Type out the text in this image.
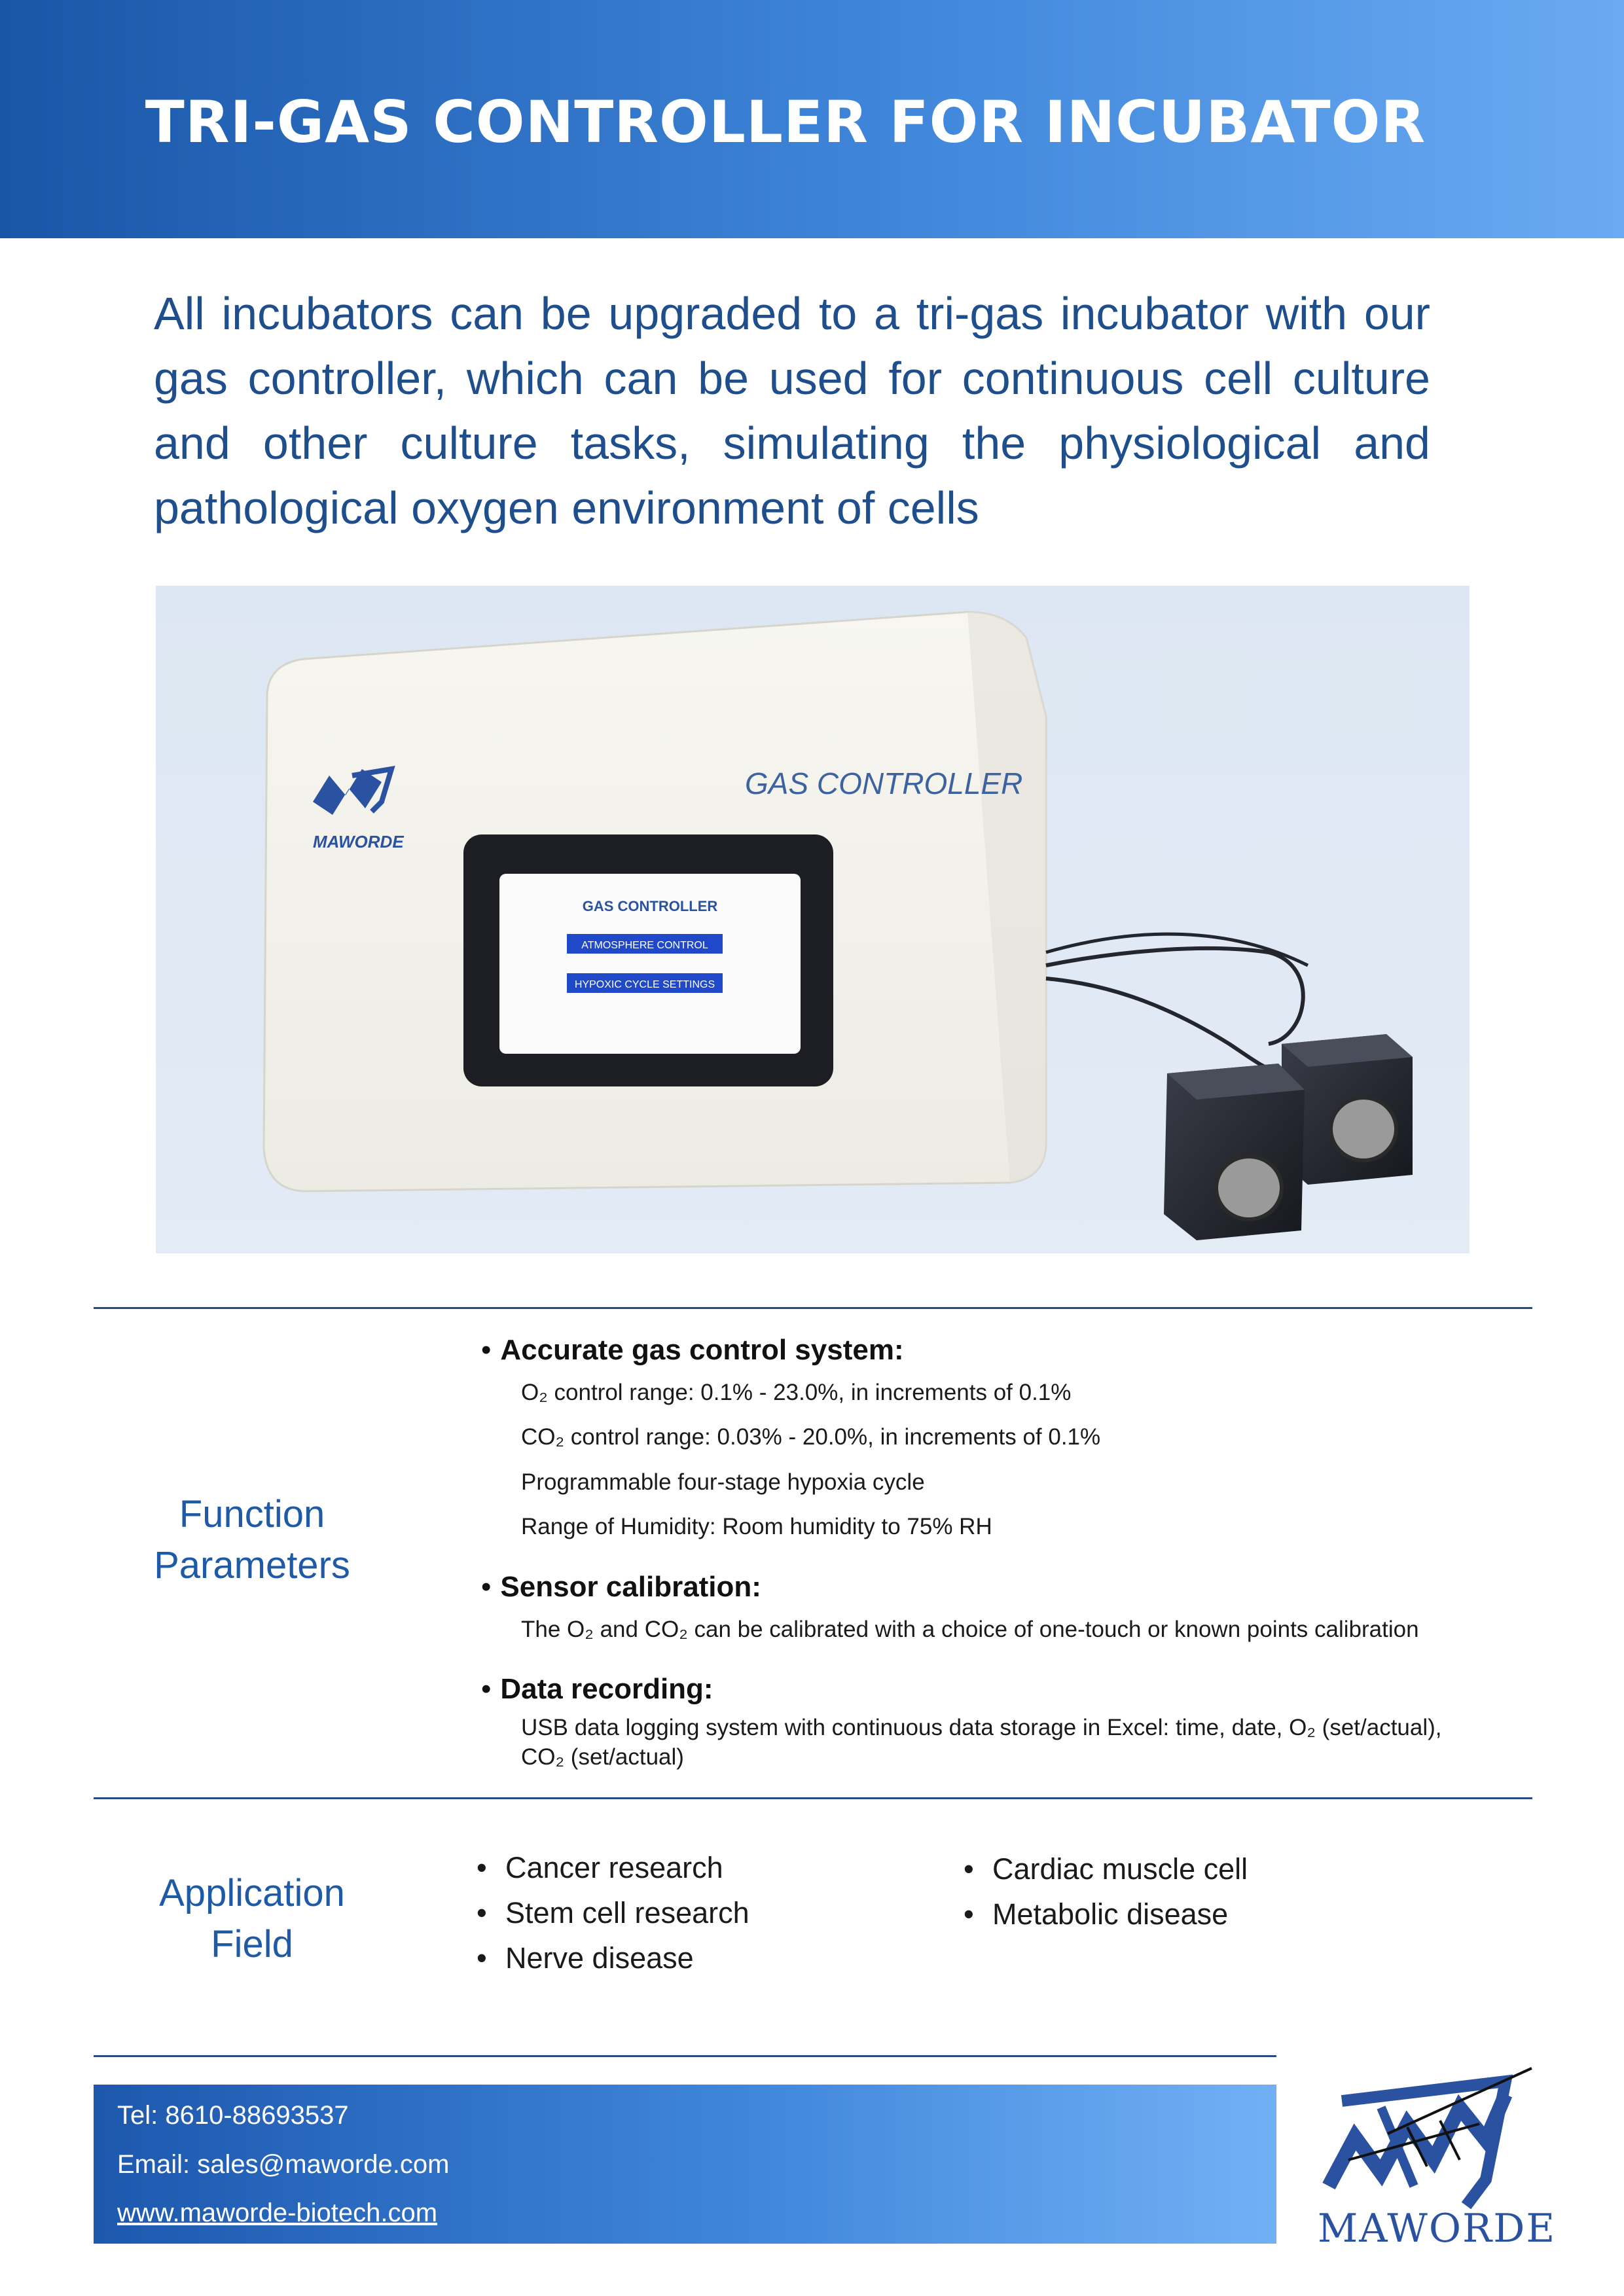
TRI-GAS CONTROLLER FOR INCUBATOR

All incubators can be upgraded to a tri-gas incubator with our gas controller, which can be used for continuous cell culture and other culture tasks, simulating the physiological and pathological oxygen environment of cells

MAWORDE
GAS CONTROLLER
GAS CONTROLLER
ATMOSPHERE CONTROL
HYPOXIC CYCLE SETTINGS
Function
Parameters
• Accurate gas control system:
O₂ control range: 0.1% - 23.0%, in increments of 0.1%
CO₂ control range: 0.03% - 20.0%, in increments of 0.1%
Programmable four-stage hypoxia cycle
Range of Humidity: Room humidity to 75% RH
• Sensor calibration:
The O₂ and CO₂ can be calibrated with a choice of one-touch or known points calibration
• Data recording:
USB data logging system with continuous data storage in Excel: time, date, O₂ (set/actual),
CO₂ (set/actual)
Application
Field
• Cancer research
• Stem cell research
• Nerve disease
• Cardiac muscle cell
• Metabolic disease
Tel: 8610-88693537
Email: sales@maworde.com
www.maworde-biotech.com	MAWORDE
